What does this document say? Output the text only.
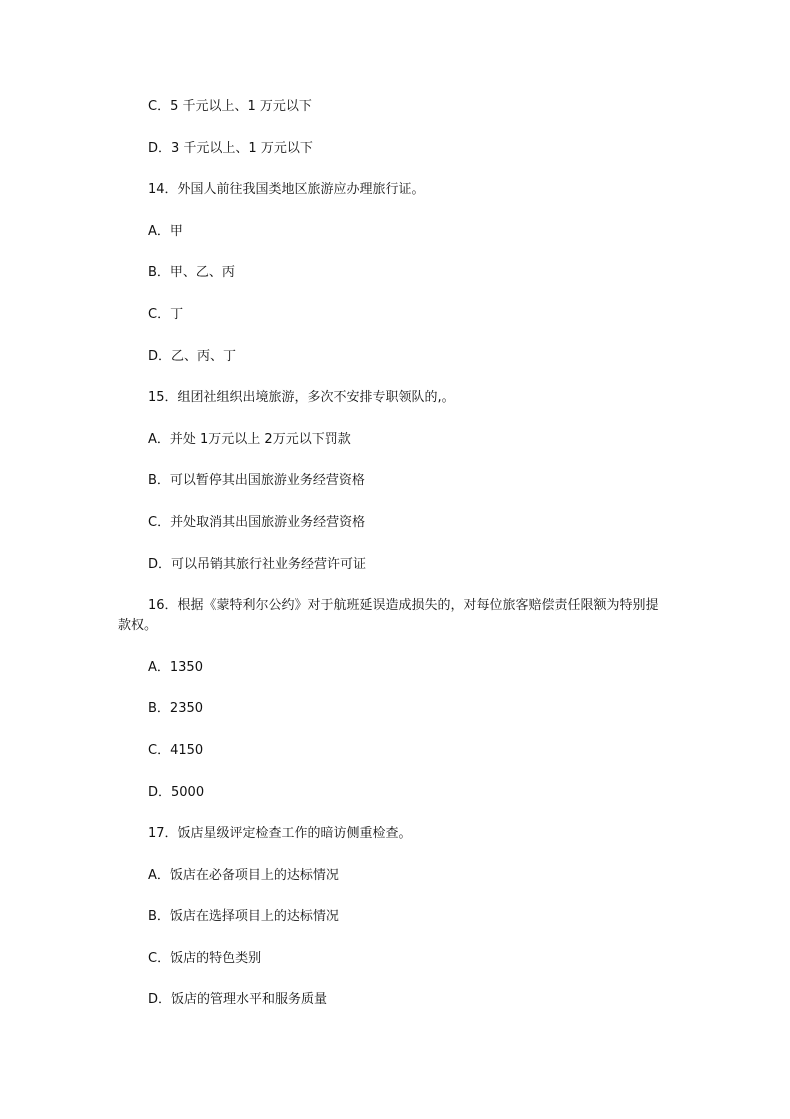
C．5 千元以上、1 万元以下

D．3 千元以上、1 万元以下

14．外国人前往我国类地区旅游应办理旅行证。

A．甲

B．甲、乙、丙

C．丁

D．乙、丙、丁

15．组团社组织出境旅游，多次不安排专职领队的,。

A．并处 1万元以上 2万元以下罚款

B．可以暂停其出国旅游业务经营资格

C．并处取消其出国旅游业务经营资格

D．可以吊销其旅行社业务经营许可证

16．根据《蒙特利尔公约》对于航班延误造成损失的，对每位旅客赔偿责任限额为特别提款权。

A．1350

B．2350

C．4150

D．5000

17．饭店星级评定检查工作的暗访侧重检查。

A．饭店在必备项目上的达标情况

B．饭店在选择项目上的达标情况

C．饭店的特色类别

D．饭店的管理水平和服务质量
